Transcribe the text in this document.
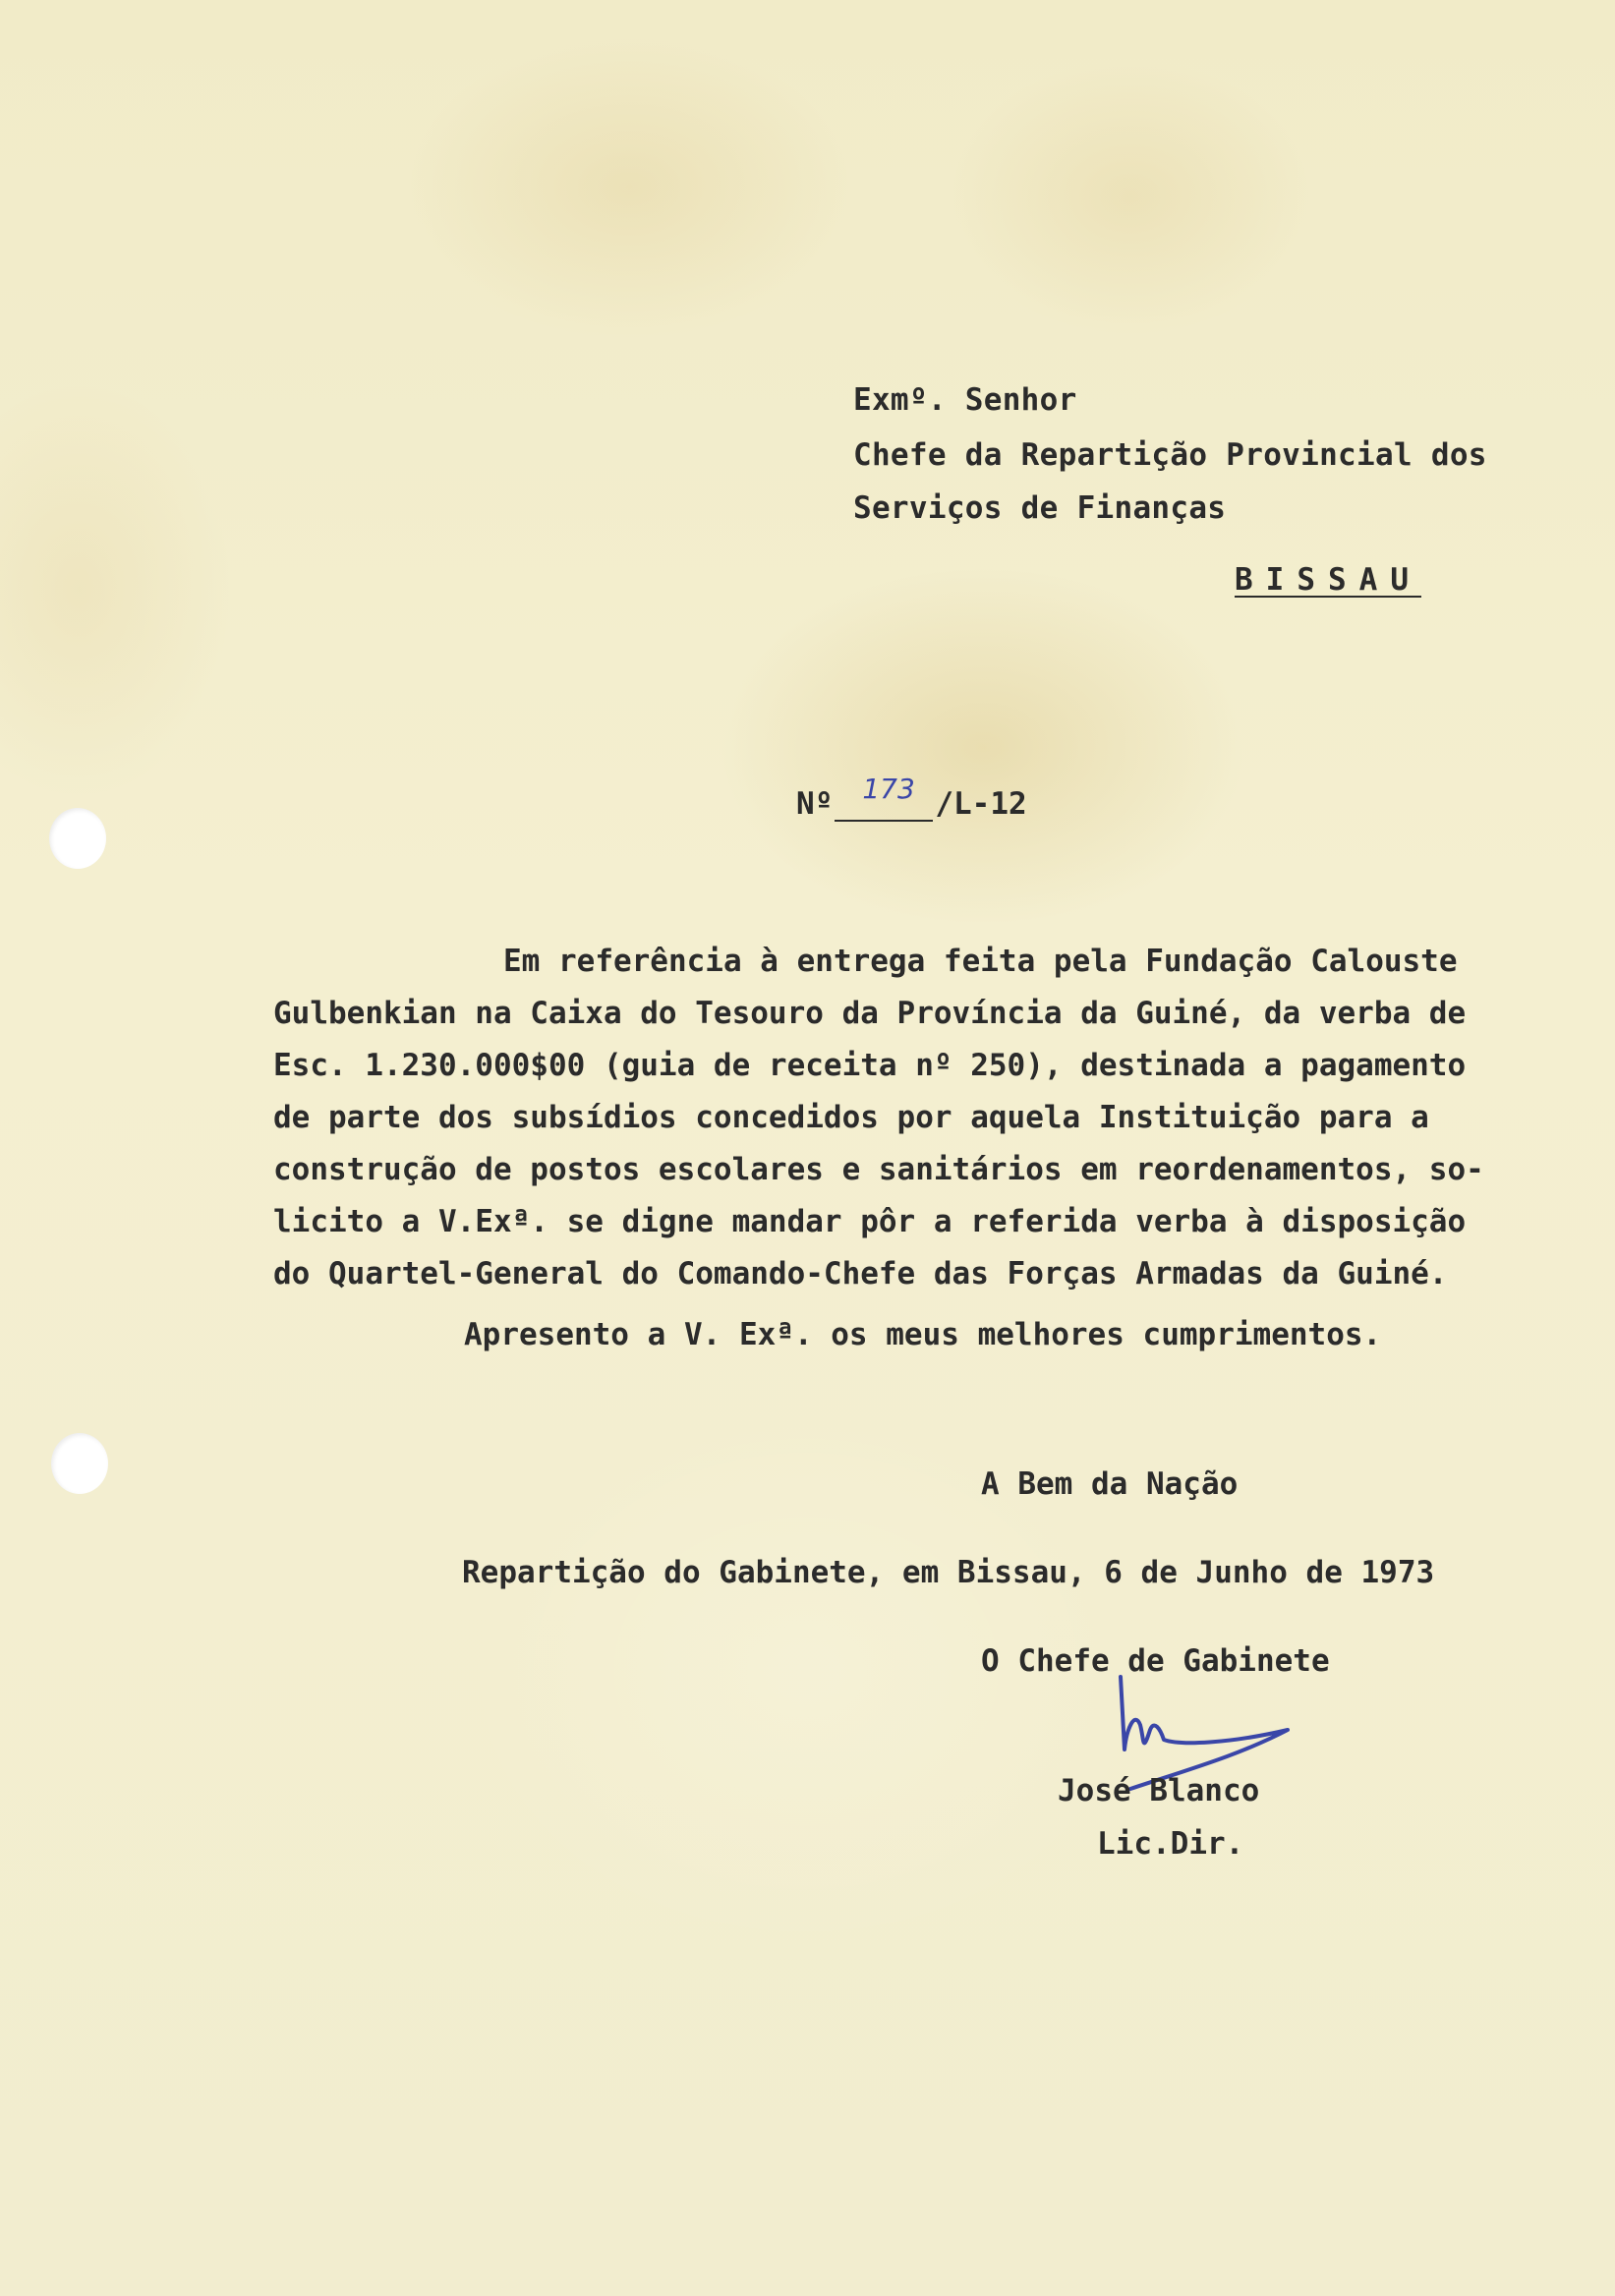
Exmº. Senhor
Chefe da Repartição Provincial dos
Serviços de Finanças
BISSAU
Nº

173

/L-12
Em referência à entrega feita pela Fundação Calouste
Gulbenkian na Caixa do Tesouro da Província da Guiné, da verba de
Esc. 1.230.000$00 (guia de receita nº 250), destinada a pagamento
de parte dos subsídios concedidos por aquela Instituição para a
construção de postos escolares e sanitários em reordenamentos, so-
licito a V.Exª. se digne mandar pôr a referida verba à disposição
do Quartel-General do Comando-Chefe das Forças Armadas da Guiné.
Apresento a V. Exª. os meus melhores cumprimentos.
A Bem da Nação
Repartição do Gabinete, em Bissau, 6 de Junho de 1973
O Chefe de Gabinete
José Blanco
Lic.Dir.
